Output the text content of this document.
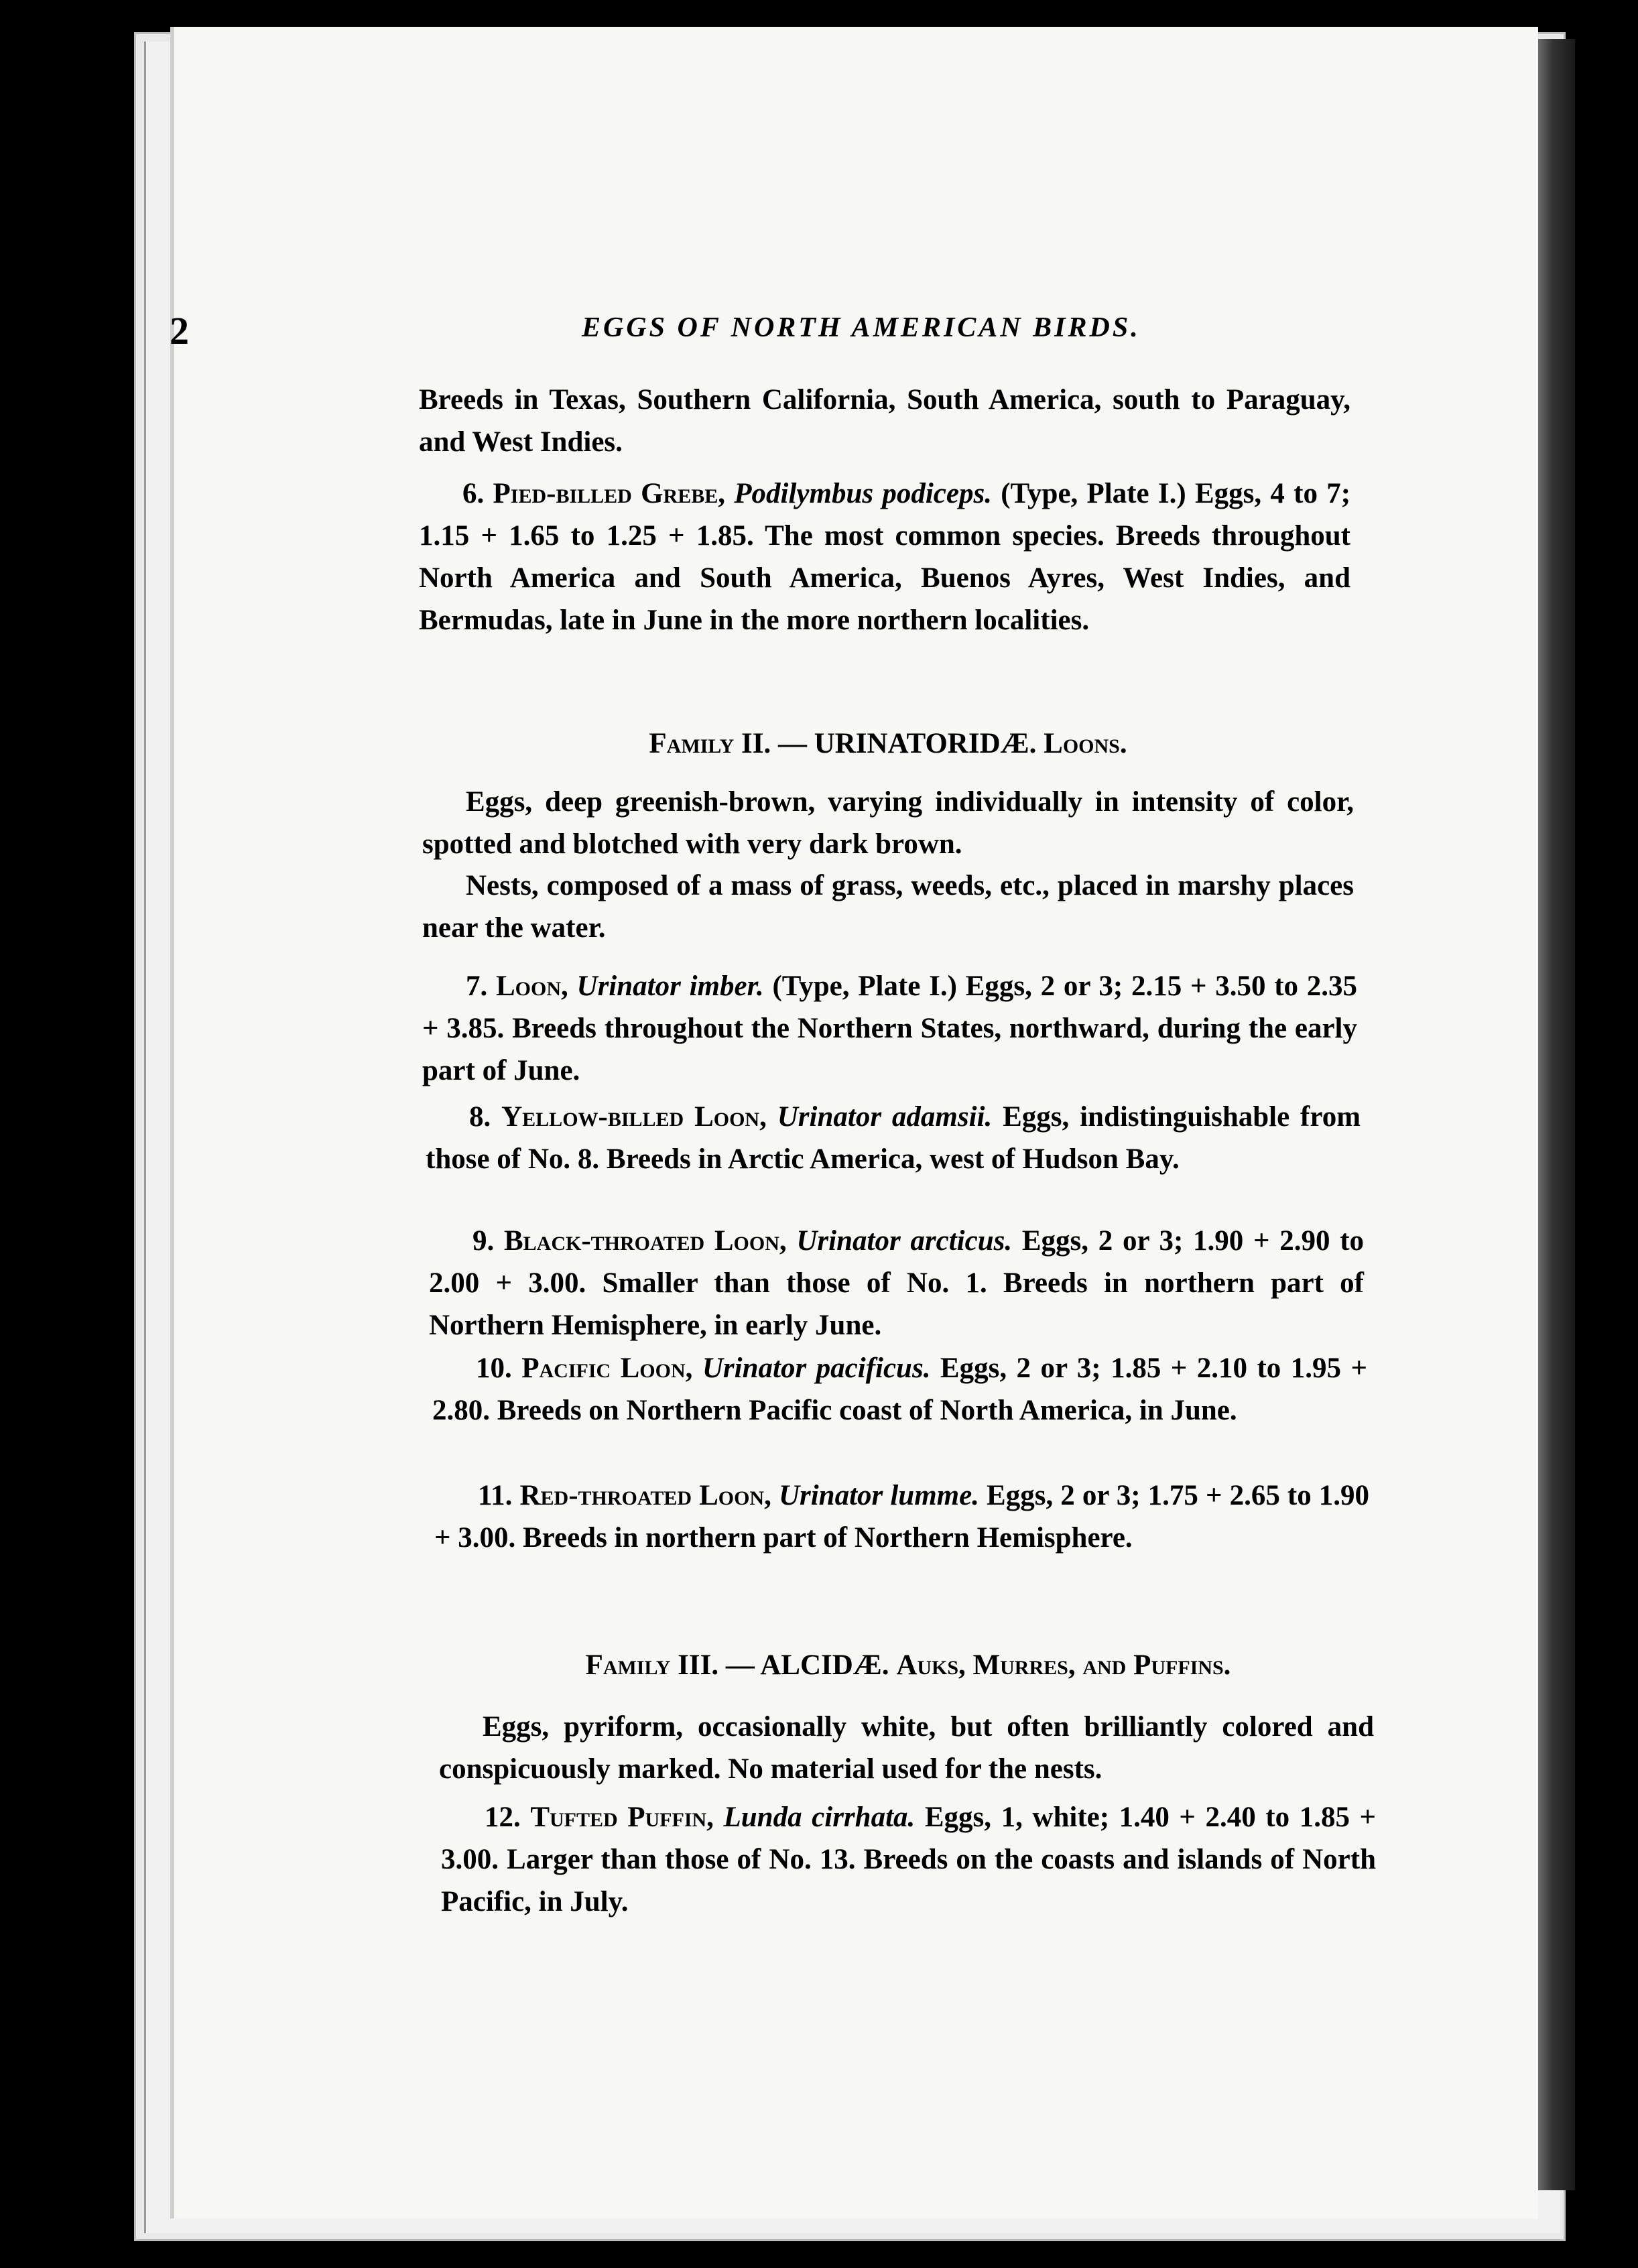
2	EGGS OF NORTH AMERICAN BIRDS.

Breeds in Texas, Southern California, South America, south to Paraguay, and West Indies.

6. Pied-billed Grebe, Podilymbus podiceps. (Type, Plate I.) Eggs, 4 to 7; 1.15 + 1.65 to 1.25 + 1.85. The most common species. Breeds throughout North America and South America, Buenos Ayres, West Indies, and Bermudas, late in June in the more northern localities.

Family II. — URINATORIDÆ. Loons.

Eggs, deep greenish-brown, varying individually in intensity of color, spotted and blotched with very dark brown.

Nests, composed of a mass of grass, weeds, etc., placed in marshy places near the water.

7. Loon, Urinator imber. (Type, Plate I.) Eggs, 2 or 3; 2.15 + 3.50 to 2.35 + 3.85. Breeds throughout the Northern States, northward, during the early part of June.

8. Yellow-billed Loon, Urinator adamsii. Eggs, indistinguishable from those of No. 8. Breeds in Arctic America, west of Hudson Bay.

9. Black-throated Loon, Urinator arcticus. Eggs, 2 or 3; 1.90 + 2.90 to 2.00 + 3.00. Smaller than those of No. 1. Breeds in northern part of Northern Hemisphere, in early June.

10. Pacific Loon, Urinator pacificus. Eggs, 2 or 3; 1.85 + 2.10 to 1.95 + 2.80. Breeds on Northern Pacific coast of North America, in June.

11. Red-throated Loon, Urinator lumme. Eggs, 2 or 3; 1.75 + 2.65 to 1.90 + 3.00. Breeds in northern part of Northern Hemisphere.

Family III. — ALCIDÆ. Auks, Murres, and Puffins.

Eggs, pyriform, occasionally white, but often brilliantly colored and conspicuously marked. No material used for the nests.

12. Tufted Puffin, Lunda cirrhata. Eggs, 1, white; 1.40 + 2.40 to 1.85 + 3.00. Larger than those of No. 13. Breeds on the coasts and islands of North Pacific, in July.
